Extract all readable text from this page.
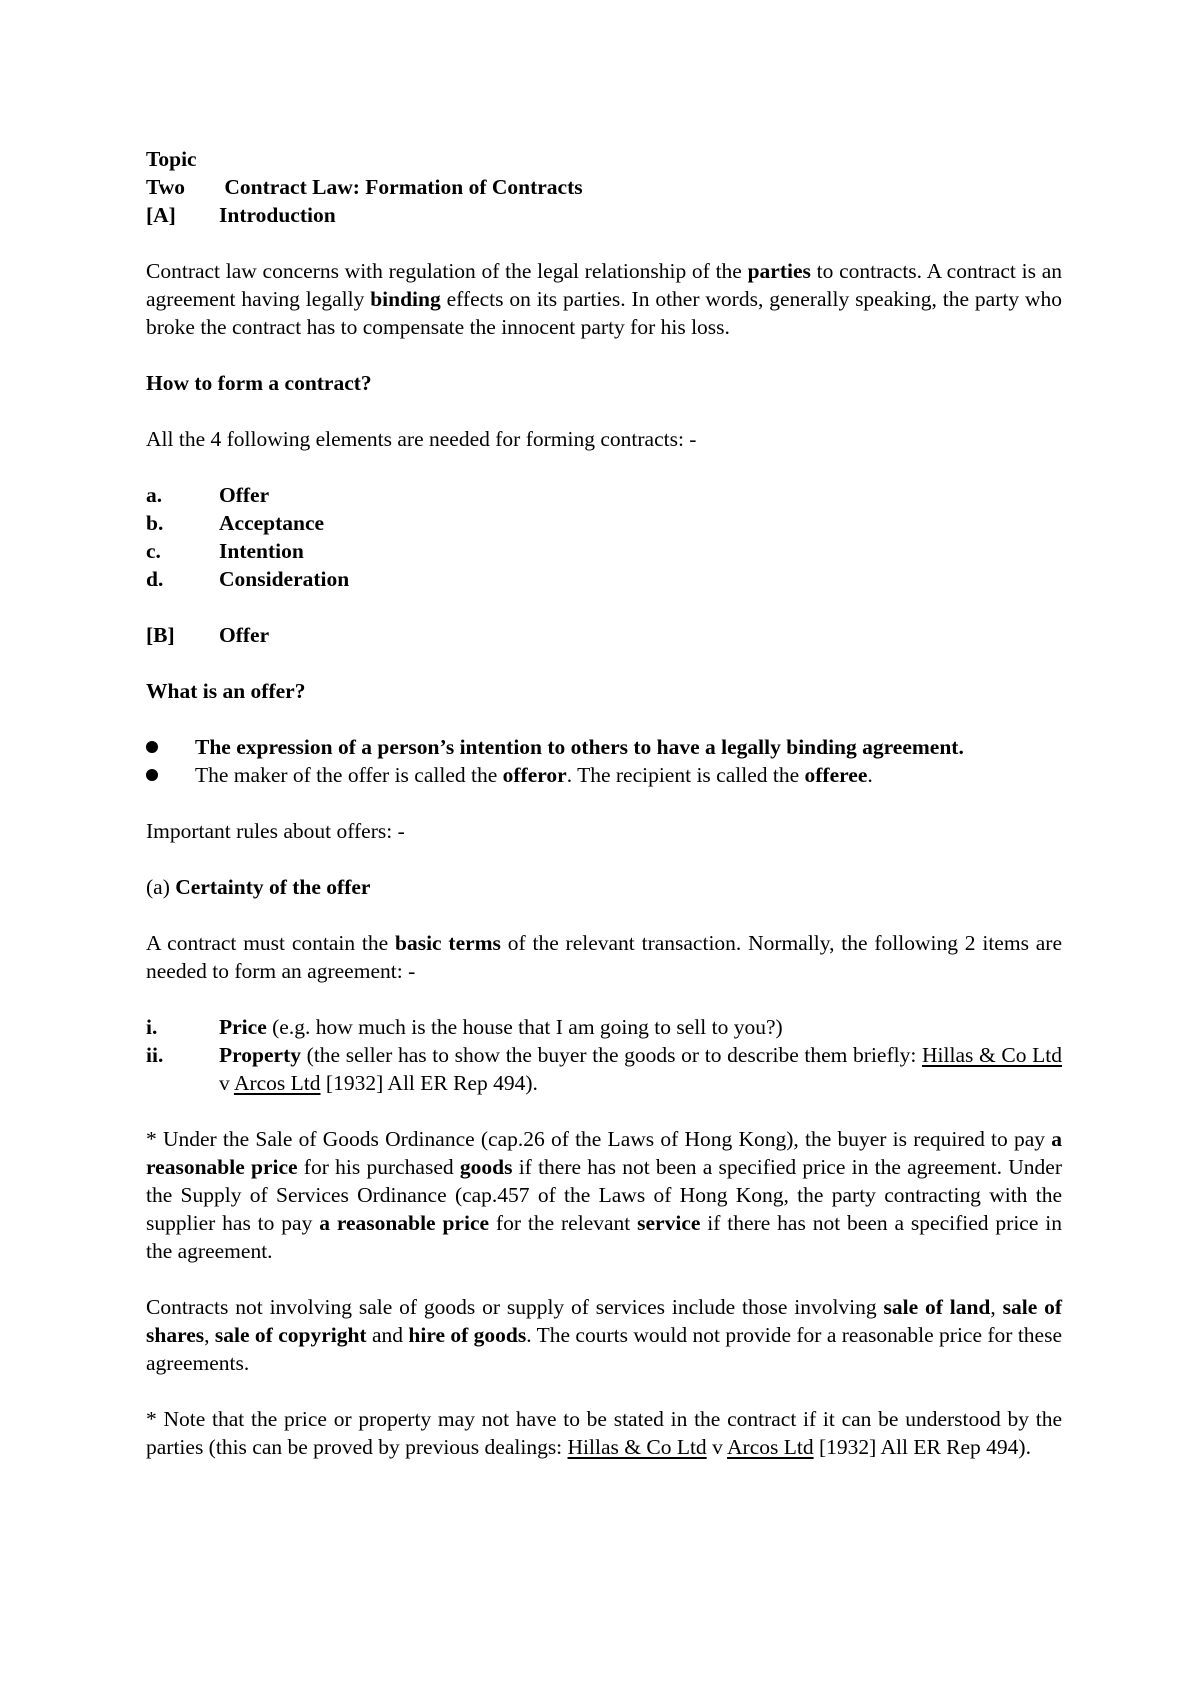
Topic Two Contract Law: Formation of Contracts

[A]	Introduction

Contract law concerns with regulation of the legal relationship of the parties to contracts. A contract is an agreement having legally binding effects on its parties. In other words, generally speaking, the party who broke the contract has to compensate the innocent party for his loss.

How to form a contract?

All the 4 following elements are needed for forming contracts: -

a.	Offer
b.	Acceptance
c.	Intention
d.	Consideration
[B]	Offer

What is an offer?

The expression of a person’s intention to others to have a legally binding agreement.
The maker of the offer is called the offeror. The recipient is called the offeree.

Important rules about offers: -

(a) Certainty of the offer

A contract must contain the basic terms of the relevant transaction. Normally, the following 2 items are needed to form an agreement: -

i.	Price (e.g. how much is the house that I am going to sell to you?)
ii.	Property (the seller has to show the buyer the goods or to describe them briefly: Hillas & Co Ltd v Arcos Ltd [1932] All ER Rep 494).

* Under the Sale of Goods Ordinance (cap.26 of the Laws of Hong Kong), the buyer is required to pay a reasonable price for his purchased goods if there has not been a specified price in the agreement. Under the Supply of Services Ordinance (cap.457 of the Laws of Hong Kong, the party contracting with the supplier has to pay a reasonable price for the relevant service if there has not been a specified price in the agreement.

Contracts not involving sale of goods or supply of services include those involving sale of land, sale of shares, sale of copyright and hire of goods. The courts would not provide for a reasonable price for these agreements.

* Note that the price or property may not have to be stated in the contract if it can be understood by the parties (this can be proved by previous dealings: Hillas & Co Ltd v Arcos Ltd [1932] All ER Rep 494).
